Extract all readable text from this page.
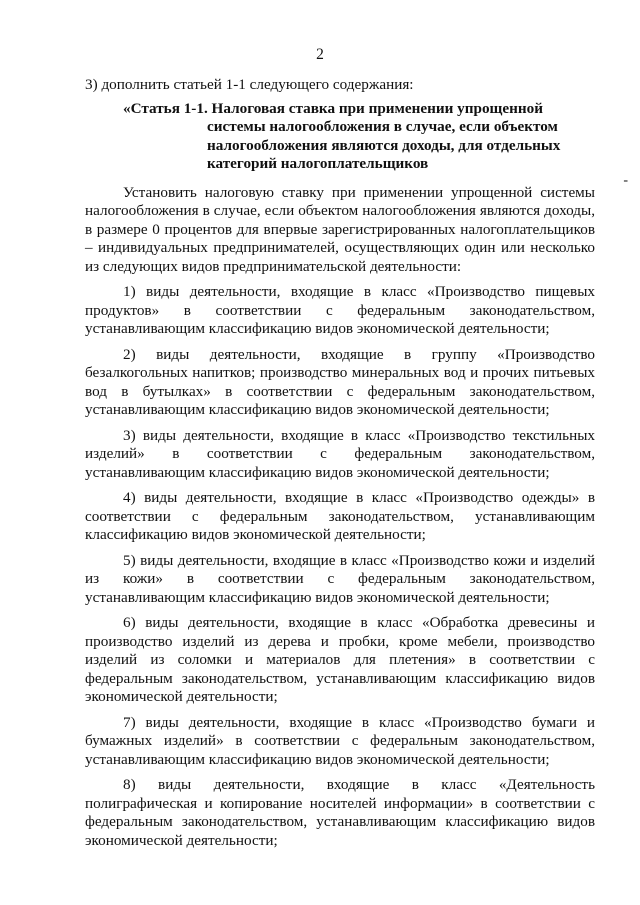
2
-

3) дополнить статьей 1-1 следующего содержания:

«Статья 1-1. Налоговая ставка при применении упрощенной

системы налогообложения в случае, если объектом налогообложения являются доходы, для отдельных категорий налогоплательщиков

Установить налоговую ставку при применении упрощенной системы налогообложения в случае, если объектом налогообложения являются доходы, в размере 0 процентов для впервые зарегистрированных налогоплательщиков – индивидуальных предпринимателей, осуществляющих один или несколько из следующих видов предпринимательской деятельности:

1) виды деятельности, входящие в класс «Производство пищевых продуктов» в соответствии с федеральным законодательством, устанавливающим классификацию видов экономической деятельности;

2) виды деятельности, входящие в группу «Производство безалкогольных напитков; производство минеральных вод и прочих питьевых вод в бутылках» в соответствии с федеральным законодательством, устанавливающим классификацию видов экономической деятельности;

3) виды деятельности, входящие в класс «Производство текстильных изделий» в соответствии с федеральным законодательством, устанавливающим классификацию видов экономической деятельности;

4) виды деятельности, входящие в класс «Производство одежды» в соответствии с федеральным законодательством, устанавливающим классификацию видов экономической деятельности;

5) виды деятельности, входящие в класс «Производство кожи и изделий из кожи» в соответствии с федеральным законодательством, устанавливающим классификацию видов экономической деятельности;

6) виды деятельности, входящие в класс «Обработка древесины и производство изделий из дерева и пробки, кроме мебели, производство изделий из соломки и материалов для плетения» в соответствии с федеральным законодательством, устанавливающим классификацию видов экономической деятельности;

7) виды деятельности, входящие в класс «Производство бумаги и бумажных изделий» в соответствии с федеральным законодательством, устанавливающим классификацию видов экономической деятельности;

8) виды деятельности, входящие в класс «Деятельность полиграфическая и копирование носителей информации» в соответствии с федеральным законодательством, устанавливающим классификацию видов экономической деятельности;
